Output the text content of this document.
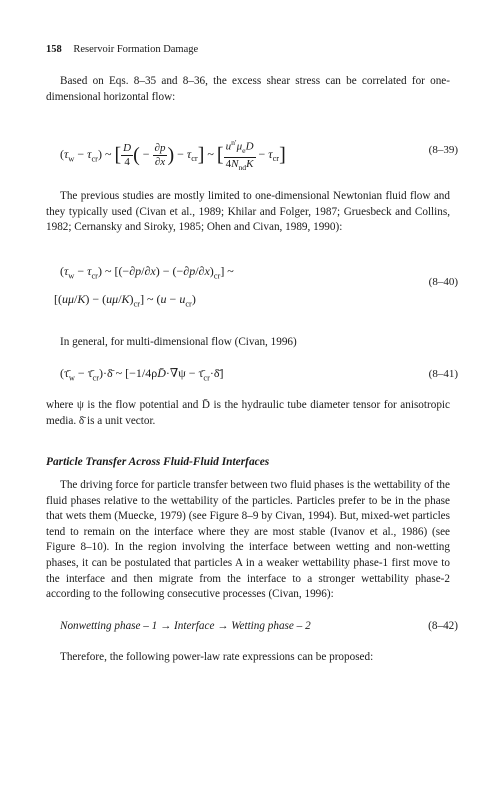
158 Reservoir Formation Damage

Based on Eqs. 8–35 and 8–36, the excess shear stress can be correlated for one-dimensional horizontal flow:

$(\tau_w - \tau_{cr})$ ~ [ $\frac{D}{4}$ ( − $\frac{\partial p}{\partial x}$ ) − $\tau_{cr}$] ~ [ $\frac{u^{n'}\mu_eD}{4N_{nd}K} - \tau_{cr}$]	(8–39)

The previous studies are mostly limited to one-dimensional Newtonian fluid flow and they typically used (Civan et al., 1989; Khilar and Folger, 1987; Gruesbeck and Collins, 1982; Cernansky and Siroky, 1985; Ohen and Civan, 1989, 1990):

$(\tau_w - \tau_{cr})$ ~ $[(-\partial p/\partial x) - (-\partial p/\partial x)_{cr}]$ ~
$[(u\mu/K) - (u\mu/K)_{cr}]$ ~ $(u - u_{cr})$
(8–40)

In general, for multi-dimensional flow (Civan, 1996)

($\taū_w$ − $\taū_{cr})\cdot\deltā$ ~ [−1/4ρD̄·∇̄ψ − $\taū_{cr}\cdot\deltā$]	(8–41)

where ψ is the flow potential and D̄ is the hydraulic tube diameter tensor for anisotropic media. δ̄ is a unit vector.

Particle Transfer Across Fluid-Fluid Interfaces

The driving force for particle transfer between two fluid phases is the wettability of the fluid phases relative to the wettability of the particles. Particles prefer to be in the phase that wets them (Muecke, 1979) (see Figure 8–9 by Civan, 1994). But, mixed-wet particles tend to remain on the interface where they are most stable (Ivanov et al., 1986) (see Figure 8–10). In the region involving the interface between wetting and non-wetting phases, it can be postulated that particles A in a weaker wettability phase-1 first move to the interface and then migrate from the interface to a stronger wettability phase-2 according to the following consecutive processes (Civan, 1996):

Nonwetting phase – 1 → Interface → Wetting phase – 2	(8–42)

Therefore, the following power-law rate expressions can be proposed:
